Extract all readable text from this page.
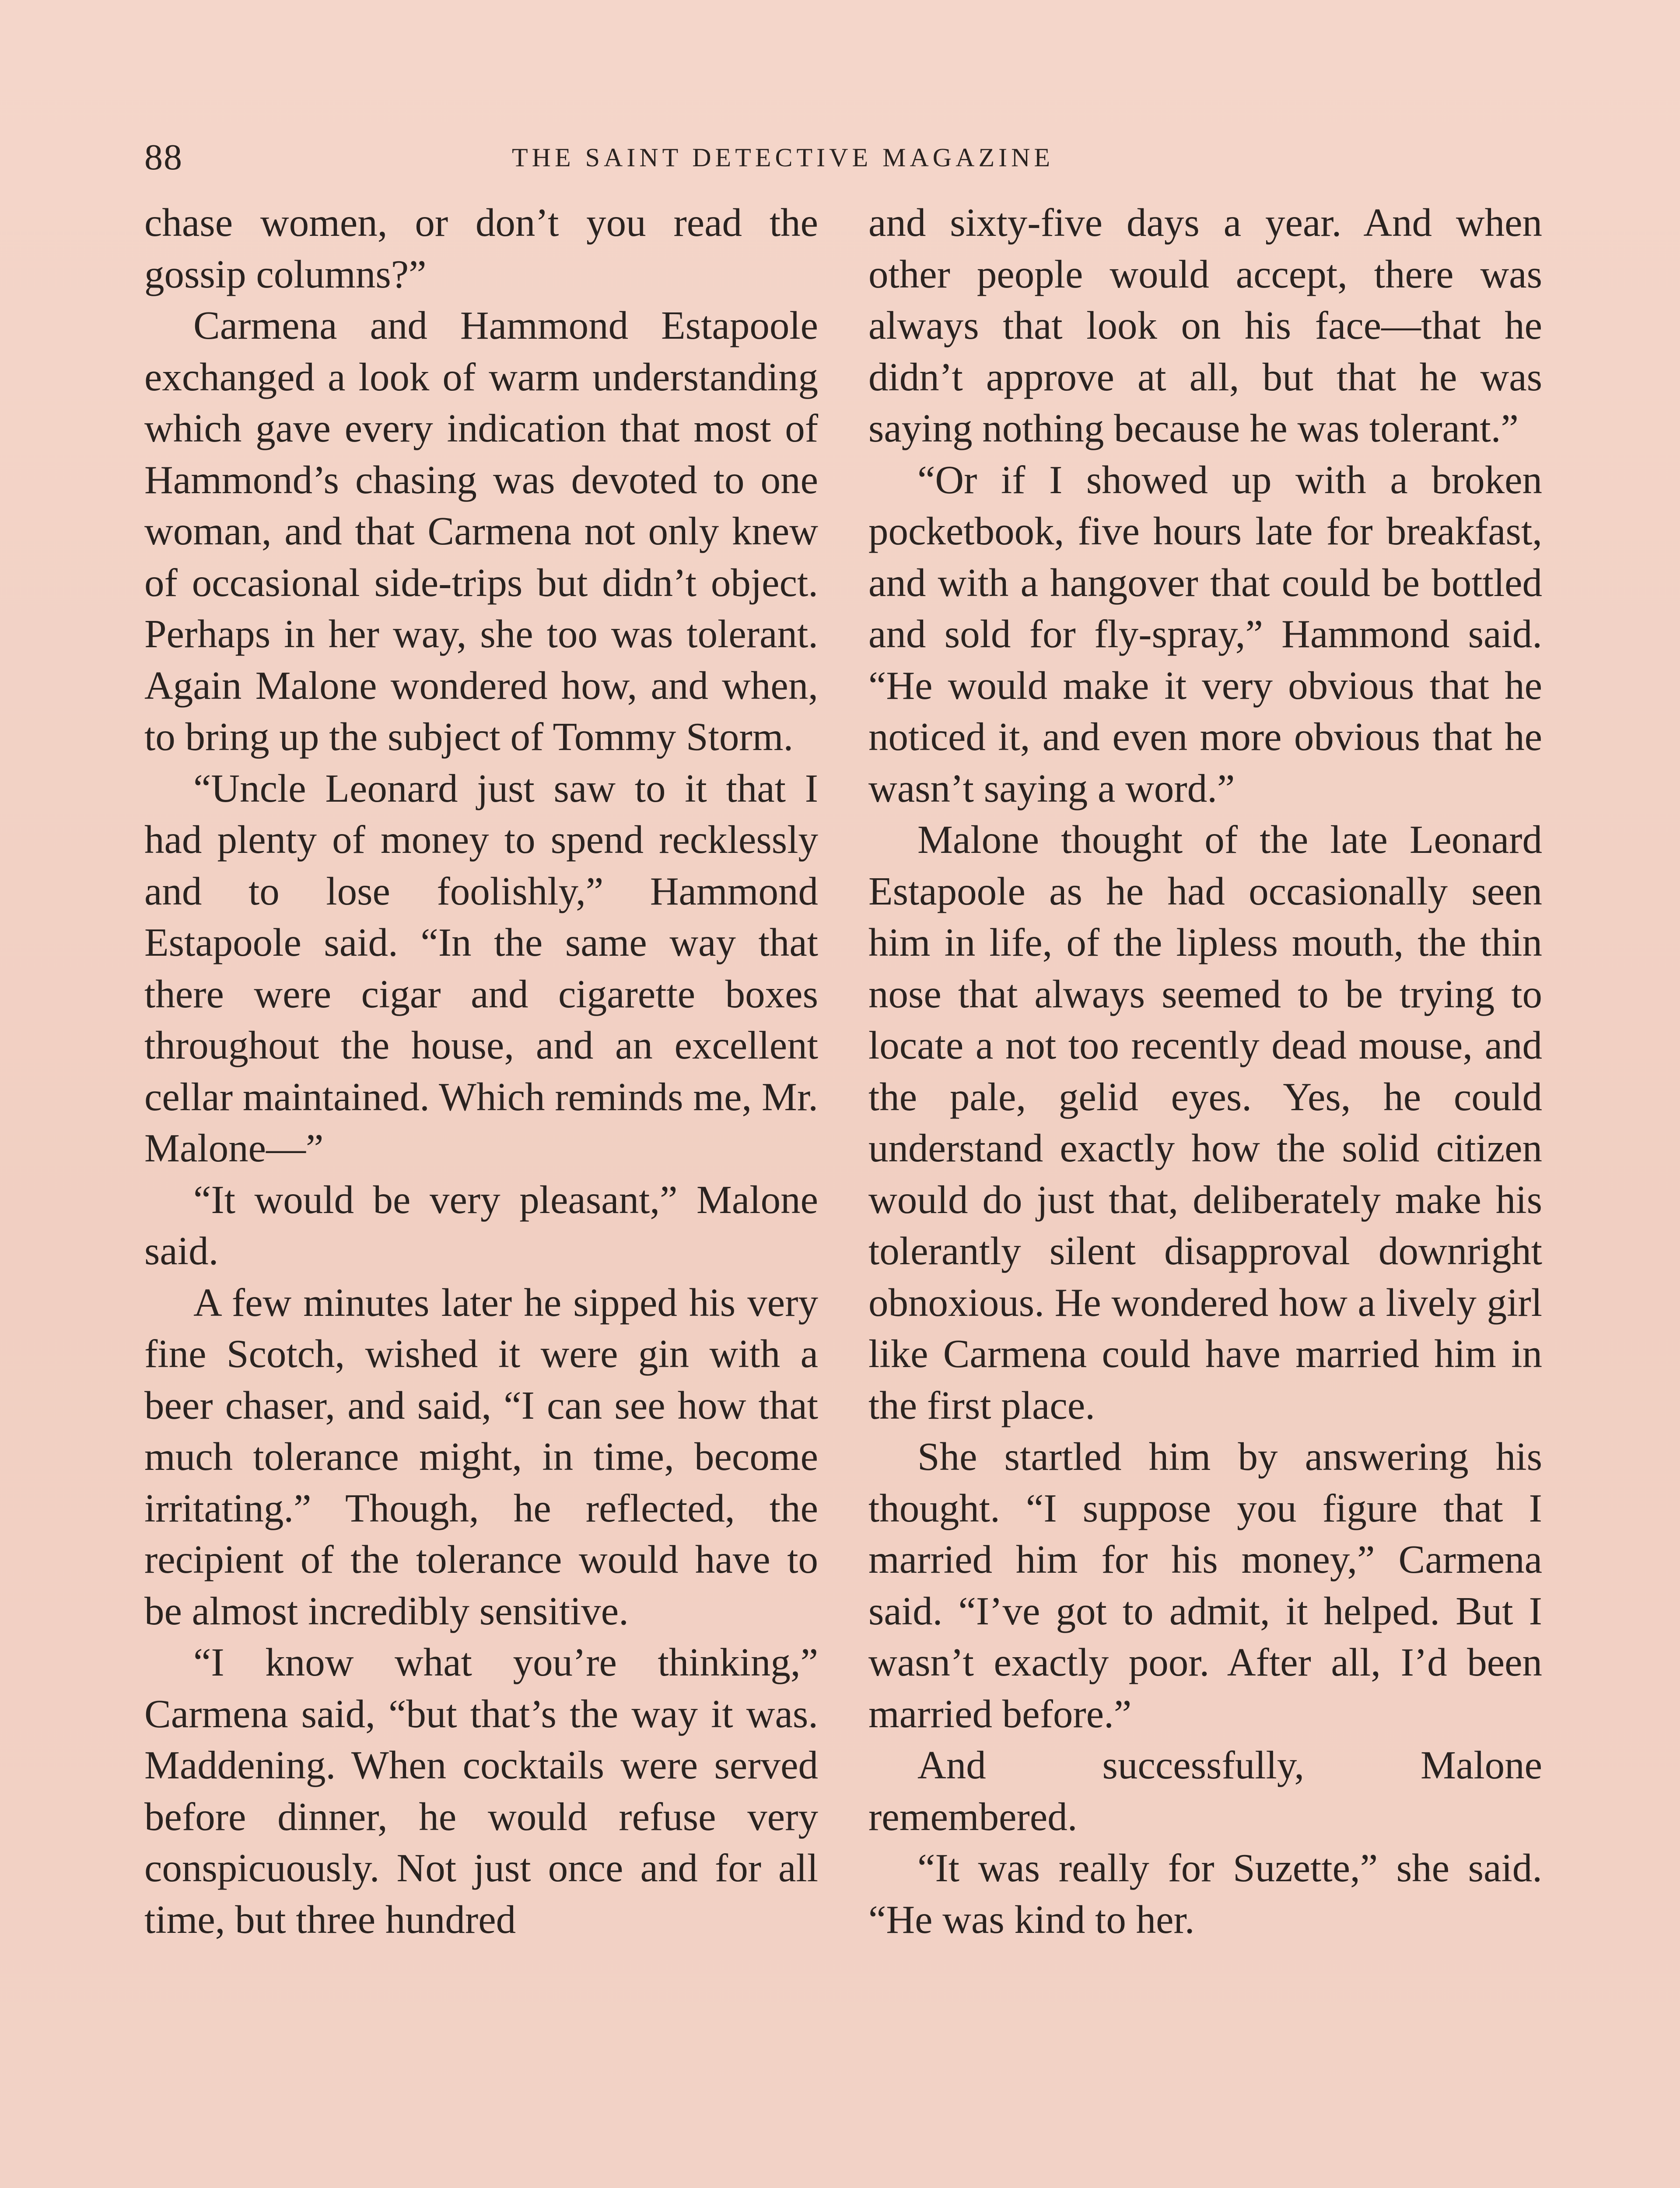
88	THE SAINT DETECTIVE MAGAZINE

chase women, or don’t you read the gossip columns?”

Carmena and Hammond Estapoole exchanged a look of warm understanding which gave every indication that most of Hammond’s chasing was devoted to one woman, and that Carmena not only knew of occasional side-trips but didn’t object. Perhaps in her way, she too was tolerant. Again Malone wondered how, and when, to bring up the subject of Tommy Storm.

“Uncle Leonard just saw to it that I had plenty of money to spend recklessly and to lose foolishly,” Hammond Estapoole said. “In the same way that there were cigar and cigarette boxes throughout the house, and an excellent cellar maintained. Which reminds me, Mr. Malone—”

“It would be very pleasant,” Malone said.

A few minutes later he sipped his very fine Scotch, wished it were gin with a beer chaser, and said, “I can see how that much tolerance might, in time, become irritating.” Though, he reflected, the recipient of the tolerance would have to be almost incredibly sensitive.

“I know what you’re thinking,” Carmena said, “but that’s the way it was. Maddening. When cocktails were served before dinner, he would refuse very conspicuously. Not just once and for all time, but three hundred

and sixty-five days a year. And when other people would accept, there was always that look on his face—that he didn’t approve at all, but that he was saying nothing because he was tolerant.”

“Or if I showed up with a broken pocketbook, five hours late for breakfast, and with a hangover that could be bottled and sold for fly-spray,” Hammond said. “He would make it very obvious that he noticed it, and even more obvious that he wasn’t saying a word.”

Malone thought of the late Leonard Estapoole as he had occasionally seen him in life, of the lipless mouth, the thin nose that always seemed to be trying to locate a not too recently dead mouse, and the pale, gelid eyes. Yes, he could understand exactly how the solid citizen would do just that, deliberately make his tolerantly silent disapproval downright obnoxious. He wondered how a lively girl like Carmena could have married him in the first place.

She startled him by answering his thought. “I suppose you figure that I married him for his money,” Carmena said. “I’ve got to admit, it helped. But I wasn’t exactly poor. After all, I’d been married before.”

And successfully, Malone remembered.

“It was really for Suzette,” she said. “He was kind to her.
